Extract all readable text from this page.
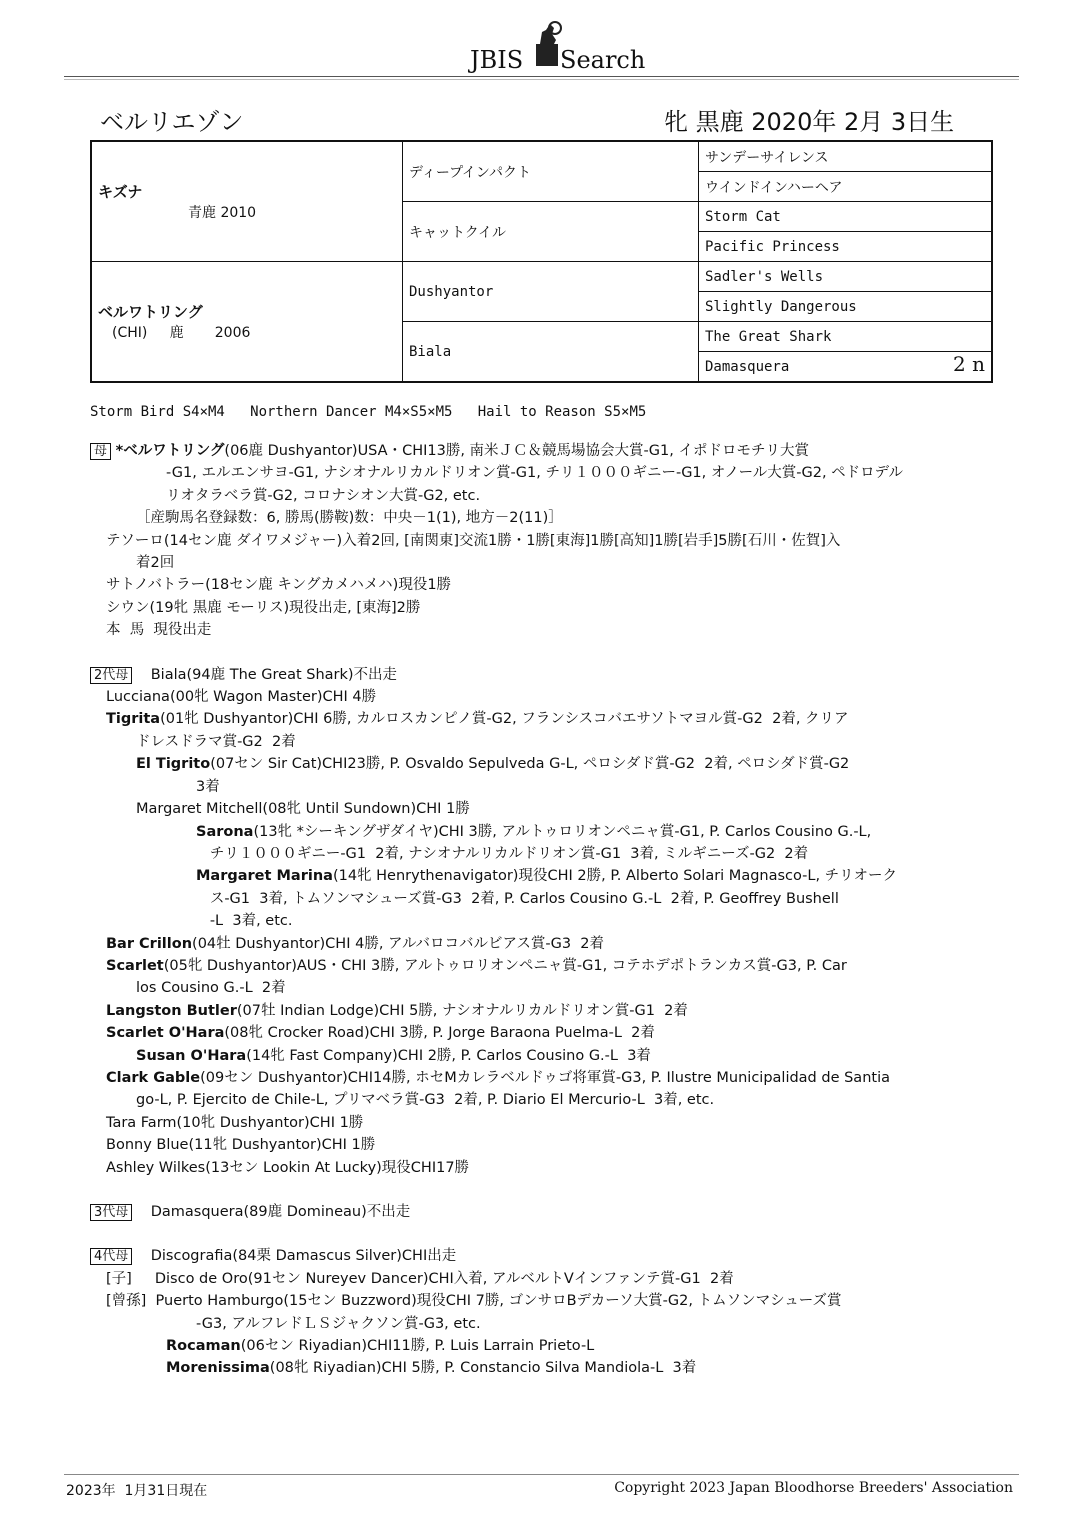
JBIS Search
ベルリエゾン	牝 黒鹿 2020年 2月 3日生
キズナ
青鹿 2010	ディープインパクト	サンデーサイレンス
		ウインドインハーヘア
	キャットクイル	Storm Cat
		Pacific Princess

ベルワトリング
(CHI)     鹿       2006	Dushyantor	Sadler's Wells
		Slightly Dangerous
	Biala	The Great Shark
		Damasquera 2 n
Storm Bird S4×M4   Northern Dancer M4×S5×M5   Hail to Reason S5×M5
母 *ベルワトリング(06鹿 Dushyantor)USA・CHI13勝, 南米ＪＣ＆競馬場協会大賞-G1, イポドロモチリ大賞
-G1, エルエンサヨ-G1, ナシオナルリカルドリオン賞-G1, チリ１０００ギニー-G1, オノール大賞-G2, ペドロデル
リオタラベラ賞-G2, コロナシオン大賞-G2, etc.
［産駒馬名登録数：6, 勝馬(勝鞍)数：中央－1(1), 地方－2(11)］
テソーロ(14セン鹿 ダイワメジャー)入着2回, [南関東]交流1勝・1勝[東海]1勝[高知]1勝[岩手]5勝[石川・佐賀]入
着2回
サトノバトラー(18セン鹿 キングカメハメハ)現役1勝
シウン(19牝 黒鹿 モーリス)現役出走, [東海]2勝
本  馬  現役出走
2代母    Biala(94鹿 The Great Shark)不出走
Lucciana(00牝 Wagon Master)CHI 4勝
Tigrita(01牝 Dushyantor)CHI 6勝, カルロスカンピノ賞-G2, フランシスコバエサソトマヨル賞-G2  2着, クリア
ドレスドラマ賞-G2  2着
El Tigrito(07セン Sir Cat)CHI23勝, P. Osvaldo Sepulveda G-L, ペロシダド賞-G2  2着, ペロシダド賞-G2
3着
Margaret Mitchell(08牝 Until Sundown)CHI 1勝
Sarona(13牝 *シーキングザダイヤ)CHI 3勝, アルトゥロリオンペニャ賞-G1, P. Carlos Cousino G.-L,
チリ１０００ギニー-G1  2着, ナシオナルリカルドリオン賞-G1  3着, ミルギニーズ-G2  2着
Margaret Marina(14牝 Henrythenavigator)現役CHI 2勝, P. Alberto Solari Magnasco-L, チリオーク
ス-G1  3着, トムソンマシューズ賞-G3  2着, P. Carlos Cousino G.-L  2着, P. Geoffrey Bushell
-L  3着, etc.
Bar Crillon(04牡 Dushyantor)CHI 4勝, アルバロコバルビアス賞-G3  2着
Scarlet(05牝 Dushyantor)AUS・CHI 3勝, アルトゥロリオンペニャ賞-G1, コテホデポトランカス賞-G3, P. Car
los Cousino G.-L  2着
Langston Butler(07牡 Indian Lodge)CHI 5勝, ナシオナルリカルドリオン賞-G1  2着
Scarlet O'Hara(08牝 Crocker Road)CHI 3勝, P. Jorge Baraona Puelma-L  2着
Susan O'Hara(14牝 Fast Company)CHI 2勝, P. Carlos Cousino G.-L  3着
Clark Gable(09セン Dushyantor)CHI14勝, ホセMカレラベルドゥゴ将軍賞-G3, P. Ilustre Municipalidad de Santia
go-L, P. Ejercito de Chile-L, プリマベラ賞-G3  2着, P. Diario El Mercurio-L  3着, etc.
Tara Farm(10牝 Dushyantor)CHI 1勝
Bonny Blue(11牝 Dushyantor)CHI 1勝
Ashley Wilkes(13セン Lookin At Lucky)現役CHI17勝
3代母    Damasquera(89鹿 Domineau)不出走
4代母    Discografia(84栗 Damascus Silver)CHI出走
[子]     Disco de Oro(91セン Nureyev Dancer)CHI入着, アルベルトVインファンテ賞-G1  2着
[曾孫]  Puerto Hamburgo(15セン Buzzword)現役CHI 7勝, ゴンサロBデカーソ大賞-G2, トムソンマシューズ賞
-G3, アルフレドＬＳジャクソン賞-G3, etc.
Rocaman(06セン Riyadian)CHI11勝, P. Luis Larrain Prieto-L
Morenissima(08牝 Riyadian)CHI 5勝, P. Constancio Silva Mandiola-L  3着
2023年  1月31日現在	Copyright 2023 Japan Bloodhorse Breeders' Association
